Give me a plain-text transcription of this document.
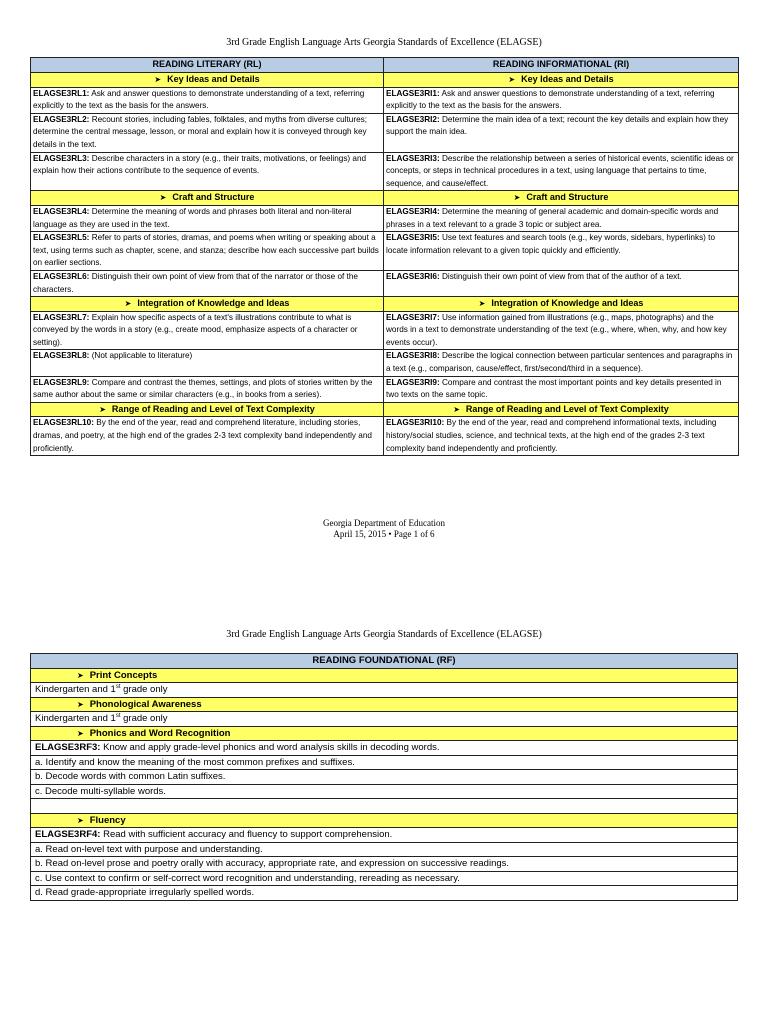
3rd Grade English Language Arts Georgia Standards of Excellence (ELAGSE)
READING LITERARY (RL)	READING INFORMATIONAL (RI)
➤ Key Ideas and Details	➤ Key Ideas and Details
ELAGSE3RL1: Ask and answer questions to demonstrate understanding of a text, referring explicitly to the text as the basis for the answers.	ELAGSE3RI1: Ask and answer questions to demonstrate understanding of a text, referring explicitly to the text as the basis for the answers.
ELAGSE3RL2: Recount stories, including fables, folktales, and myths from diverse cultures; determine the central message, lesson, or moral and explain how it is conveyed through key details in the text.	ELAGSE3RI2: Determine the main idea of a text; recount the key details and explain how they support the main idea.
ELAGSE3RL3: Describe characters in a story (e.g., their traits, motivations, or feelings) and explain how their actions contribute to the sequence of events.	ELAGSE3RI3: Describe the relationship between a series of historical events, scientific ideas or concepts, or steps in technical procedures in a text, using language that pertains to time, sequence, and cause/effect.
➤ Craft and Structure	➤ Craft and Structure
ELAGSE3RL4: Determine the meaning of words and phrases both literal and non-literal language as they are used in the text.	ELAGSE3RI4: Determine the meaning of general academic and domain-specific words and phrases in a text relevant to a grade 3 topic or subject area.
ELAGSE3RL5: Refer to parts of stories, dramas, and poems when writing or speaking about a text, using terms such as chapter, scene, and stanza; describe how each successive part builds on earlier sections.	ELAGSE3RI5: Use text features and search tools (e.g., key words, sidebars, hyperlinks) to locate information relevant to a given topic quickly and efficiently.
ELAGSE3RL6: Distinguish their own point of view from that of the narrator or those of the characters.	ELAGSE3RI6: Distinguish their own point of view from that of the author of a text.
➤ Integration of Knowledge and Ideas	➤ Integration of Knowledge and Ideas
ELAGSE3RL7: Explain how specific aspects of a text's illustrations contribute to what is conveyed by the words in a story (e.g., create mood, emphasize aspects of a character or setting).	ELAGSE3RI7: Use information gained from illustrations (e.g., maps, photographs) and the words in a text to demonstrate understanding of the text (e.g., where, when, why, and how key events occur).
ELAGSE3RL8: (Not applicable to literature)	ELAGSE3RI8: Describe the logical connection between particular sentences and paragraphs in a text (e.g., comparison, cause/effect, first/second/third in a sequence).
ELAGSE3RL9: Compare and contrast the themes, settings, and plots of stories written by the same author about the same or similar characters (e.g., in books from a series).	ELAGSE3RI9: Compare and contrast the most important points and key details presented in two texts on the same topic.
➤ Range of Reading and Level of Text Complexity	➤ Range of Reading and Level of Text Complexity
ELAGSE3RL10: By the end of the year, read and comprehend literature, including stories, dramas, and poetry, at the high end of the grades 2-3 text complexity band independently and proficiently.	ELAGSE3RI10: By the end of the year, read and comprehend informational texts, including history/social studies, science, and technical texts, at the high end of the grades 2-3 text complexity band independently and proficiently.
Georgia Department of Education
April 15, 2015 • Page 1 of 6
3rd Grade English Language Arts Georgia Standards of Excellence (ELAGSE)
READING FOUNDATIONAL (RF)
➤ Print Concepts
Kindergarten and 1st grade only
➤ Phonological Awareness
Kindergarten and 1st grade only
➤ Phonics and Word Recognition
ELAGSE3RF3: Know and apply grade-level phonics and word analysis skills in decoding words.
a. Identify and know the meaning of the most common prefixes and suffixes.
b. Decode words with common Latin suffixes.
c. Decode multi-syllable words.

➤ Fluency
ELAGSE3RF4: Read with sufficient accuracy and fluency to support comprehension.
a. Read on-level text with purpose and understanding.
b. Read on-level prose and poetry orally with accuracy, appropriate rate, and expression on successive readings.
c. Use context to confirm or self-correct word recognition and understanding, rereading as necessary.
d. Read grade-appropriate irregularly spelled words.
